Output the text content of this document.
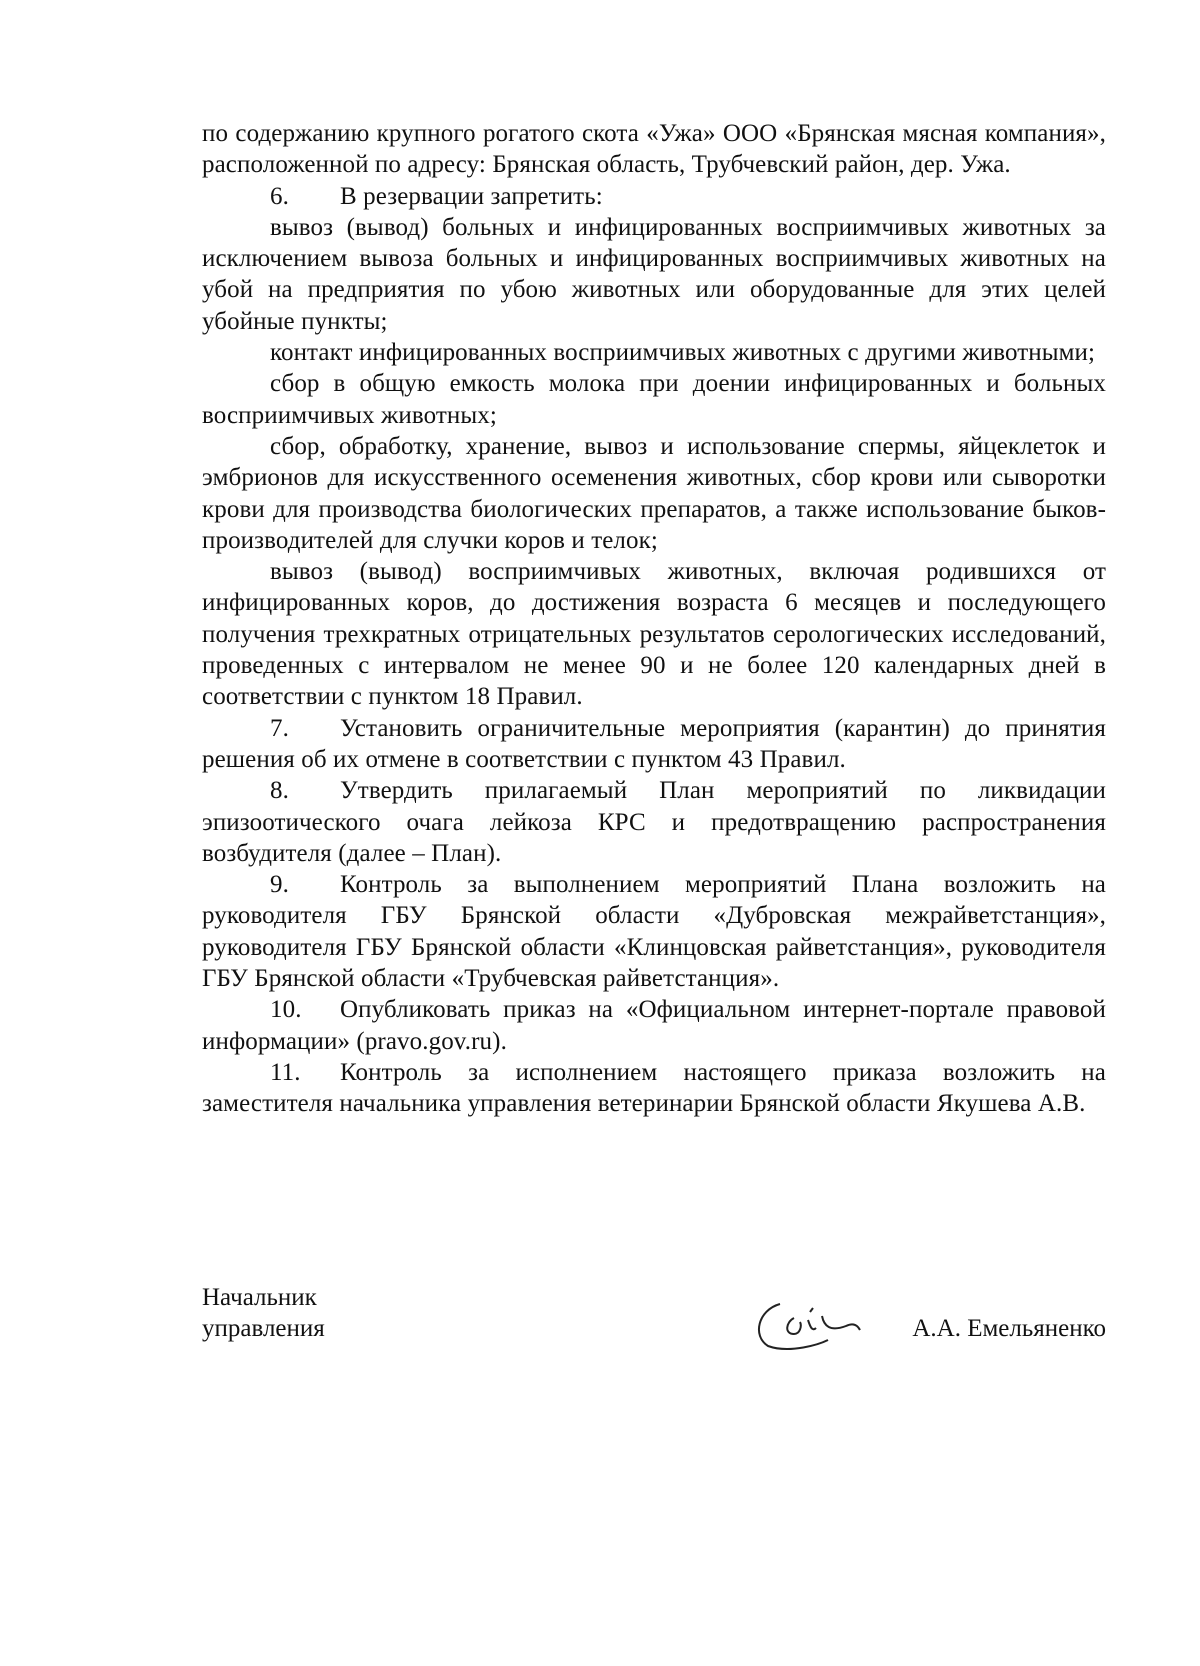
по содержанию крупного рогатого скота «Ужа» ООО «Брянская мясная компания», расположенной по адресу: Брянская область, Трубчевский район, дер. Ужа.

6. В резервации запретить:

вывоз (вывод) больных и инфицированных восприимчивых животных за исключением вывоза больных и инфицированных восприимчивых животных на убой на предприятия по убою животных или оборудованные для этих целей убойные пункты;

контакт инфицированных восприимчивых животных с другими животными;

сбор в общую емкость молока при доении инфицированных и больных восприимчивых животных;

сбор, обработку, хранение, вывоз и использование спермы, яйцеклеток и эмбрионов для искусственного осеменения животных, сбор крови или сыворотки крови для производства биологических препаратов, а также использование быков-производителей для случки коров и телок;

вывоз (вывод) восприимчивых животных, включая родившихся от инфицированных коров, до достижения возраста 6 месяцев и последующего получения трехкратных отрицательных результатов серологических исследований, проведенных с интервалом не менее 90 и не более 120 календарных дней в соответствии с пунктом 18 Правил.

7. Установить ограничительные мероприятия (карантин) до принятия решения об их отмене в соответствии с пунктом 43 Правил.

8. Утвердить прилагаемый План мероприятий по ликвидации эпизоотического очага лейкоза КРС и предотвращению распространения возбудителя (далее – План).

9. Контроль за выполнением мероприятий Плана возложить на руководителя ГБУ Брянской области «Дубровская межрайветстанция», руководителя ГБУ Брянской области «Клинцовская райветстанция», руководителя ГБУ Брянской области «Трубчевская райветстанция».

10. Опубликовать приказ на «Официальном интернет-портале правовой информации» (pravo.gov.ru).

11. Контроль за исполнением настоящего приказа возложить на заместителя начальника управления ветеринарии Брянской области Якушева А.В.

Начальник
управления	А.А. Емельяненко
